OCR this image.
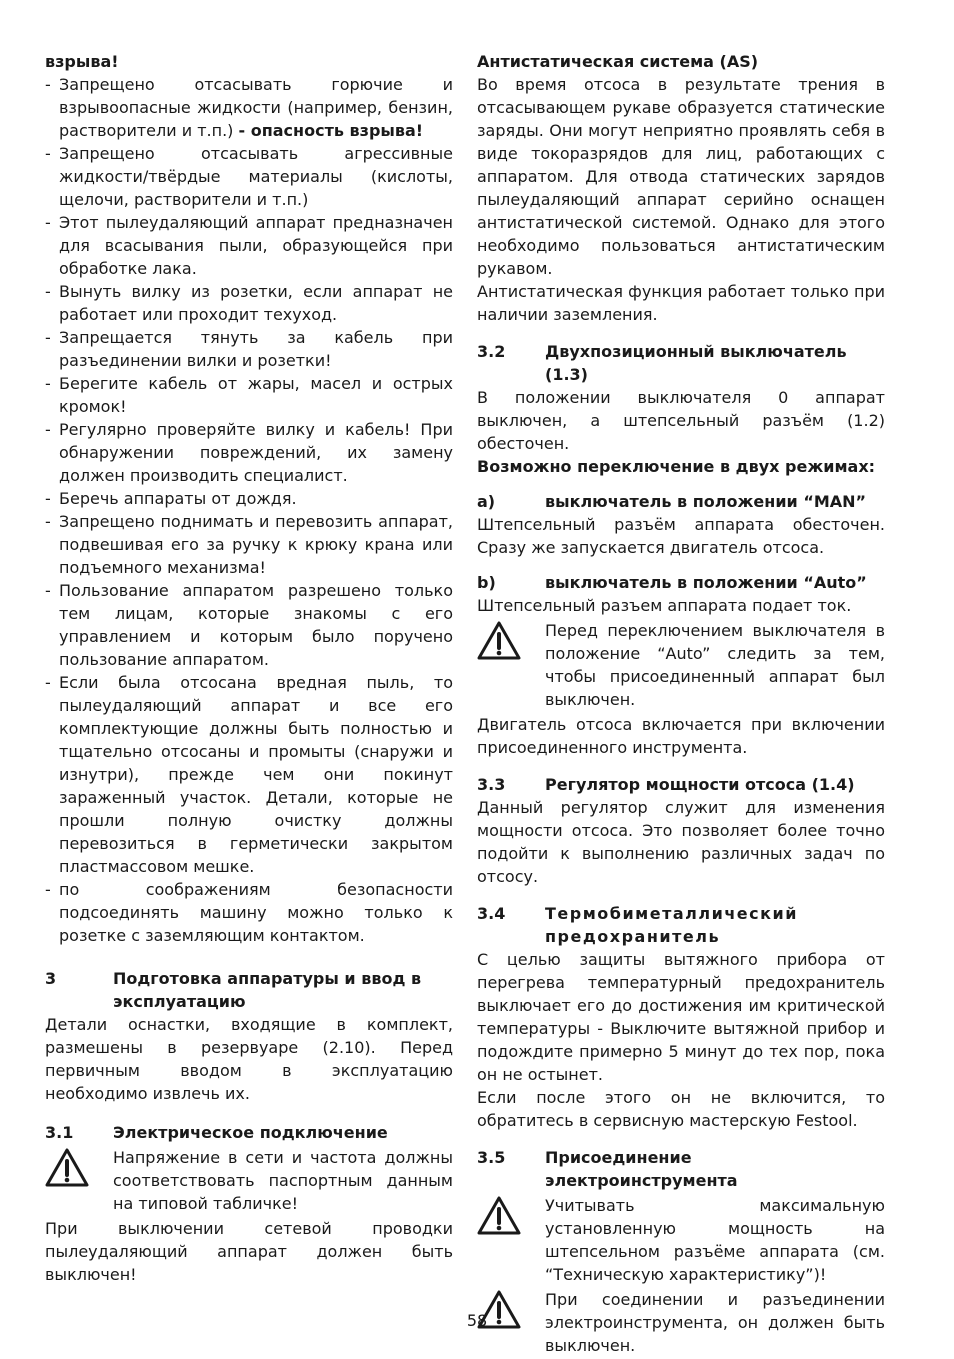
взрыва!

- Запрещено отсасывать горючие и взрывоопасные жидкости (например, бензин, растворители и т.п.) - опасность взрыва!
- Запрещено отсасывать агрессивные жидкости/твёрдые материалы (кислоты, щелочи, растворители и т.п.)
- Этот пылеудаляющий аппарат предназначен для всасывания пыли, образующейся при обработке лака.
- Вынуть вилку из розетки, если аппарат не работает или проходит техуход.
- Запрещается тянуть за кабель при разъединении вилки и розетки!
- Берегите кабель от жары, масел и острых кромок!
- Регулярно проверяйте вилку и кабель! При обнаружении повреждений, их замену должен производить специалист.
- Беречь аппараты от дождя.
- Запрещено поднимать и перевозить аппарат, подвешивая его за ручку к крюку крана или подъемного механизма!
- Пользование аппаратом разрешено только тем лицам, которые знакомы с его управлением и которым было поручено пользование аппаратом.
- Если была отсосана вредная пыль, то пылеудаляющий аппарат и все его комплектующие должны быть полностью и тщательно отсосаны и промыты (снаружи и изнутри), прежде чем они покинут зараженный участок. Детали, которые не прошли полную очистку должны перевозиться в герметически закрытом пластмассовом мешке.
- по соображениям безопасности подсоединять машину можно только к розетке с заземляющим контактом.
3	Подготовка аппаратуры и ввод в эксплуатацию

Детали оснастки, входящие в комплект, размешены в резервуаре (2.10). Перед первичным вводом в эксплуатацию необходимо извлечь их.

3.1	Электрическое подключение
Напряжение в сети и частота должны соответствовать паспортным данным на типовой табличке!

При выключении сетевой проводки пылеудаляющий аппарат должен быть выключен!

Антистатическая система (AS)

Во время отсоса в результате трения в отсасывающем рукаве образуется статические заряды. Они могут неприятно проявлять себя в виде токоразрядов для лиц, работающих с аппаратом. Для отвода статических зарядов пылеудаляющий аппарат серийно оснащен антистатической системой. Однако для этого необходимо пользоваться антистатическим рукавом.

Антистатическая функция работает только при наличии заземления.

3.2	Двухпозиционный выключатель (1.3)

В положении выключателя 0 аппарат выключен, а штепсельный разъём (1.2) обесточен.

Возможно переключение в двух режимах:

a)	выключатель в положении “MAN”

Штепсельный разъём аппарата обесточен. Сразу же запускается двигатель отсоса.

b)	выключатель в положении “Auto”

Штепсельный разъем аппарата подает ток.

Перед переключением выключателя в положение “Auto” следить за тем, чтобы присоединенный аппарат был выключен.

Двигатель отсоса включается при включении присоединенного инструмента.

3.3	Регулятор мощности отсоса (1.4)

Данный регулятор служит для изменения мощности отсоса. Это позволяет более точно подойти к выполнению различных задач по отсосу.

3.4	Термобиметаллический предохранитель

С целью защиты вытяжного прибора от перегрева температурный предохранитель выключает его до достижения им критической температуры - Выключите вытяжной прибор и подождите примерно 5 минут до тех пор, пока он не остынет.

Если после этого он не включится, то обратитесь в сервисную мастерскую Festool.

3.5	Присоединение электроинструмента
Учитывать максимальную установленную мощность на штепсельном разъёме аппарата (см. “Техническую характеристику”)!
При соединении и разъединении электроинструмента, он должен быть выключен.
58
